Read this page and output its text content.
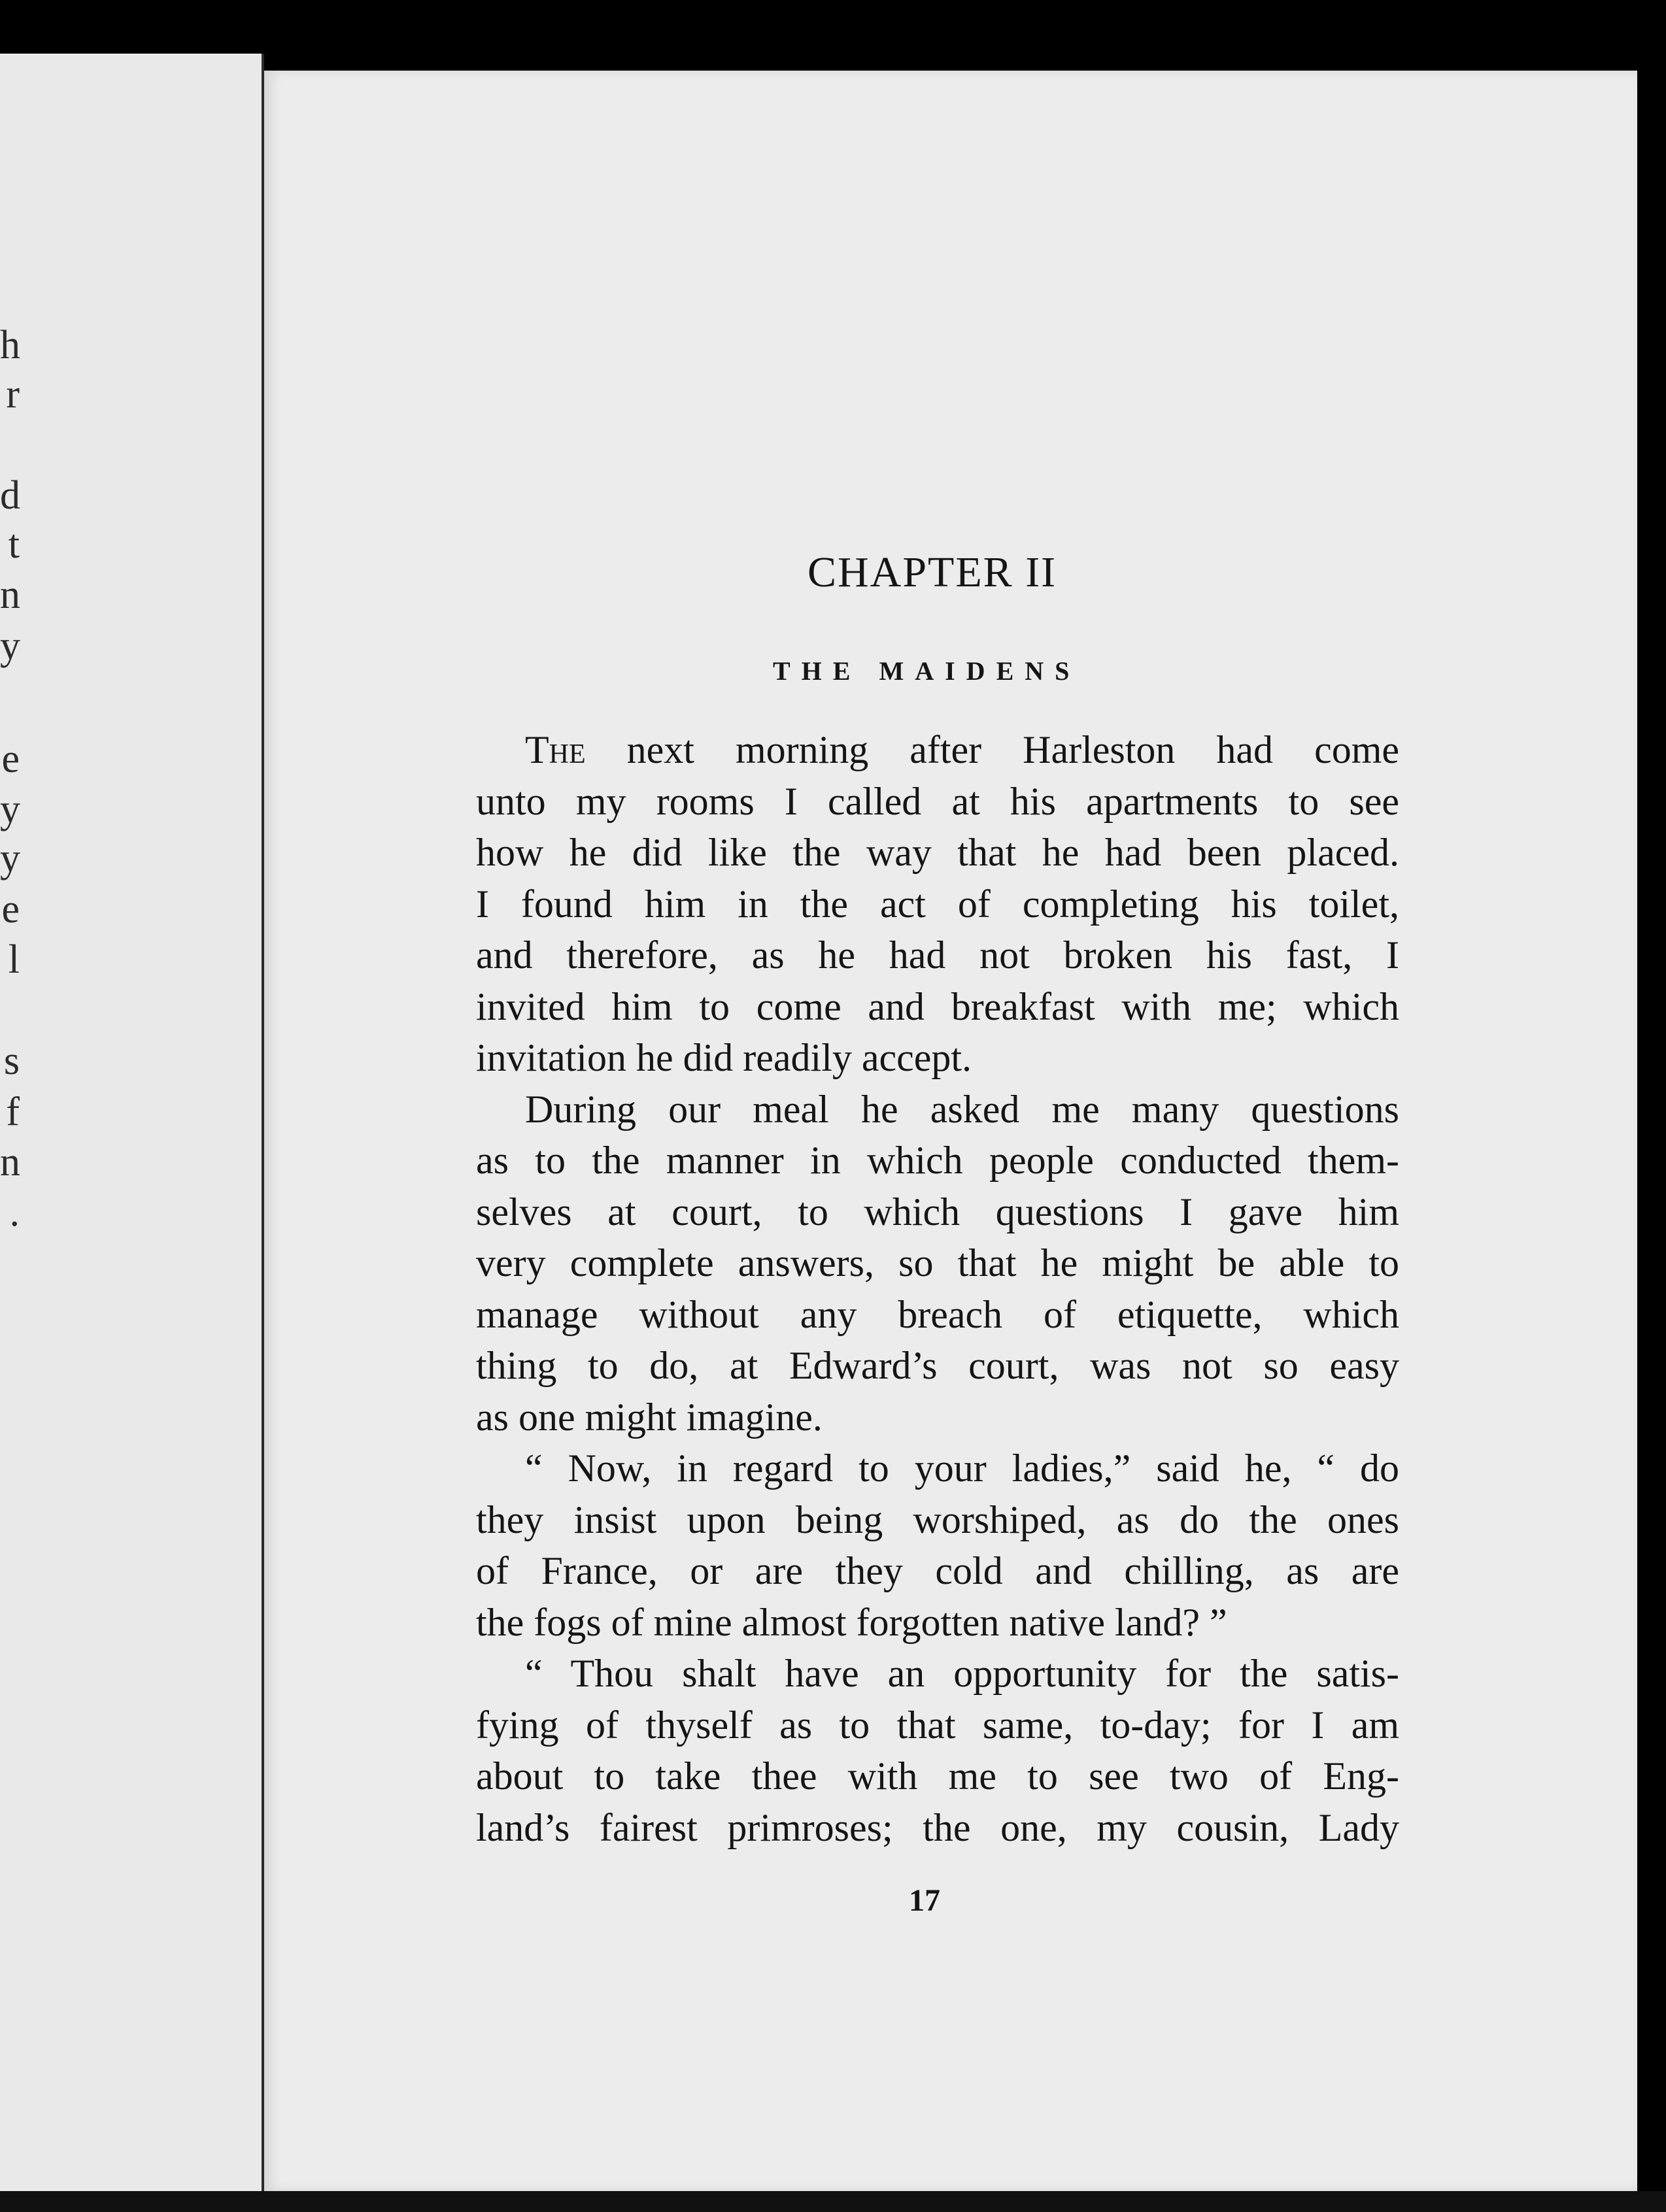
h
r
d
t
n
y
e
y
y
e
l
s
f
n
.
CHAPTER II
THE MAIDENS
The next morning after Harleston had come
unto my rooms I called at his apartments to see
how he did like the way that he had been placed.
I found him in the act of completing his toilet,
and therefore, as he had not broken his fast, I
invited him to come and breakfast with me; which
invitation he did readily accept.
During our meal he asked me many questions
as to the manner in which people conducted them-
selves at court, to which questions I gave him
very complete answers, so that he might be able to
manage without any breach of etiquette, which
thing to do, at Edward’s court, was not so easy
as one might imagine.
“ Now, in regard to your ladies,” said he, “ do
they insist upon being worshiped, as do the ones
of France, or are they cold and chilling, as are
the fogs of mine almost forgotten native land? ”
“ Thou shalt have an opportunity for the satis-
fying of thyself as to that same, to-day; for I am
about to take thee with me to see two of Eng-
land’s fairest primroses; the one, my cousin, Lady
17
